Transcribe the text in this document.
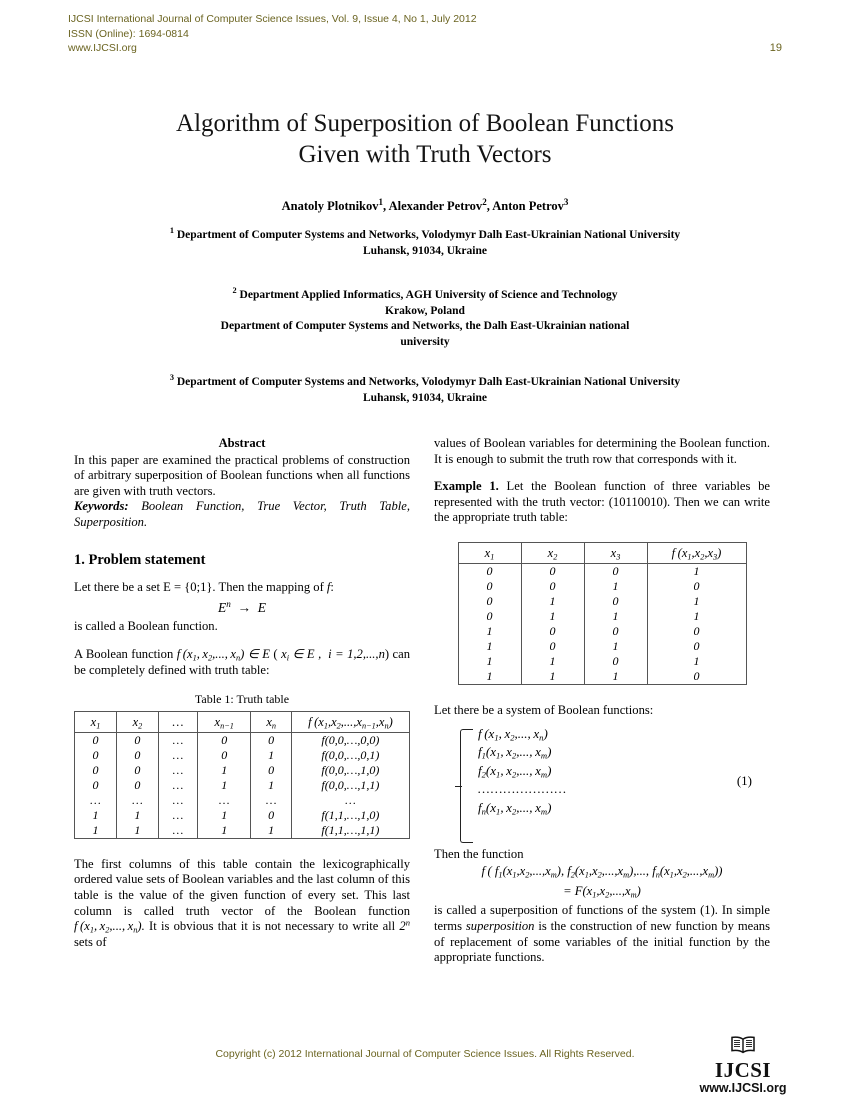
IJCSI International Journal of Computer Science Issues, Vol. 9, Issue 4, No 1, July 2012
ISSN (Online): 1694-0814
www.IJCSI.org	19
Algorithm of Superposition of Boolean Functions
Given with Truth Vectors
Anatoly Plotnikov$^1$, Alexander Petrov$^2$, Anton Petrov$^3$
$^1$ Department of Computer Systems and Networks, Volodymyr Dalh East-Ukrainian National University
Luhansk, 91034, Ukraine
$^2$ Department Applied Informatics, AGH University of Science and Technology
Krakow, Poland
Department of Computer Systems and Networks, the Dalh East-Ukrainian national
university
$^3$ Department of Computer Systems and Networks, Volodymyr Dalh East-Ukrainian National University
Luhansk, 91034, Ukraine
Abstract

In this paper are examined the practical problems of construction of arbitrary superposition of Boolean functions when all functions are given with truth vectors.

Keywords: Boolean Function, True Vector, Truth Table, Superposition.

1. Problem statement

Let there be a set E = {0;1}. Then the mapping of f:

$E^n \to E$

is called a Boolean function.

A Boolean function f ($x_1$, $x_2$,..., $x_n$) ∈ E ( $x_i$ ∈ E ,  i = 1,2,...,n) can be completely defined with truth table:

Table 1: Truth table
$x_1$	$x_2$	…	$x_{n-1}$	$x_n$	f $(x_1,x_2,...,x_{n-1},x_n)$
0	0	…	0	0	f(0,0,…,0,0)
0	0	…	0	1	f(0,0,…,0,1)
0	0	…	1	0	f(0,0,…,1,0)
0	0	…	1	1	f(0,0,…,1,1)
…	…	…	…	…	…
1	1	…	1	0	f(1,1,…,1,0)
1	1	…	1	1	f(1,1,…,1,1)

The first columns of this table contain the lexicographically ordered value sets of Boolean variables and the last column of this table is the value of the given function of every set. This last column is called truth vector of the Boolean function f ($x_1$, $x_2$,..., $x_n$). It is obvious that it is not necessary to write all 2$^n$ sets of

values of Boolean variables for determining the Boolean function. It is enough to submit the truth row that corresponds with it.

Example 1. Let the Boolean function of three variables be represented with the truth vector: (10110010). Then we can write the appropriate truth table:

$x_1$	$x_2$	$x_3$	f $(x_1,x_2,x_3)$
0	0	0	1
0	0	1	0
0	1	0	1
0	1	1	1
1	0	0	0
1	0	1	0
1	1	0	1
1	1	1	0

Let there be a system of Boolean functions:

f ($x_1$, $x_2$,..., $x_n$)
$f_1(x_1$, $x_2$,..., $x_m$)
$f_2(x_1$, $x_2$,..., $x_m$)
…………………
$f_n(x_1$, $x_2$,..., $x_m$)
(1)

Then the function

f ( $f_1(x_1,x_2,...,x_m)$, $f_2(x_1,x_2,...,x_m)$,..., $f_n(x_1,x_2,...,x_m)$)
= $F(x_1,x_2,...,x_m)$

is called a superposition of functions of the system (1). In simple terms superposition is the construction of new function by means of replacement of some variables of the initial function by the appropriate functions.

Copyright (c) 2012 International Journal of Computer Science Issues. All Rights Reserved.
IJCSI
www.IJCSI.org
